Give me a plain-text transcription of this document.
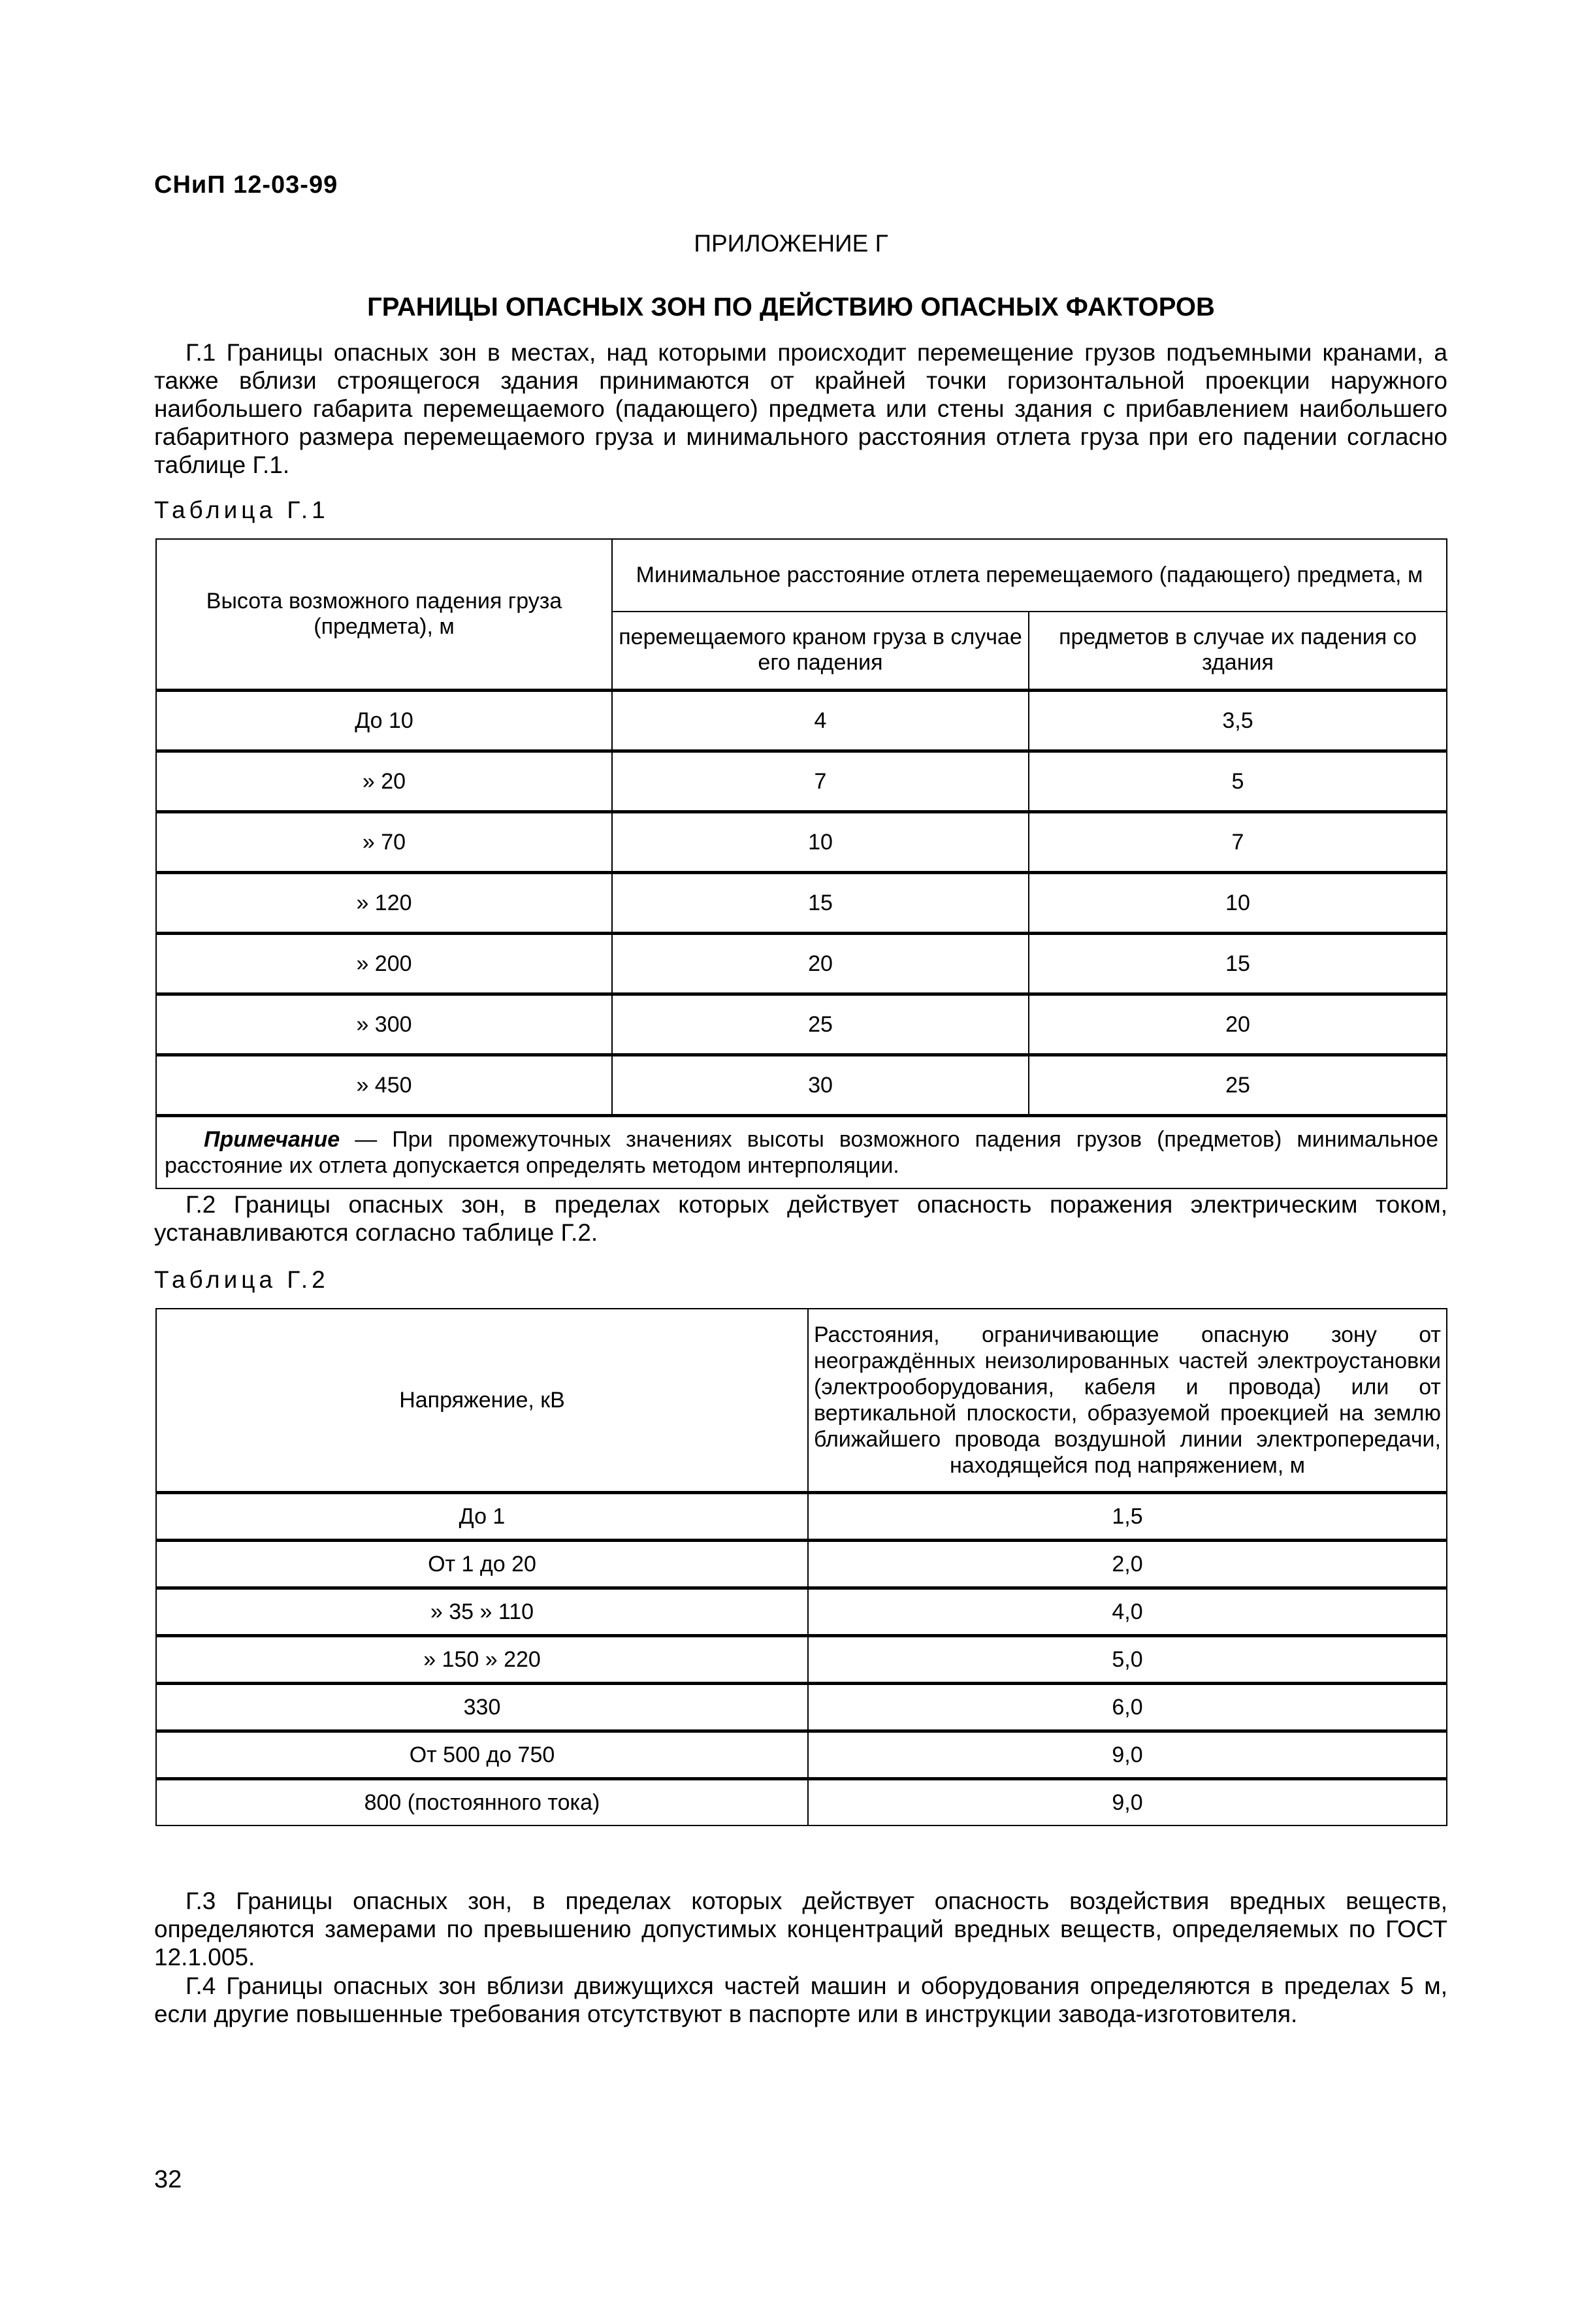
СНиП 12-03-99
ПРИЛОЖЕНИЕ Г
ГРАНИЦЫ ОПАСНЫХ ЗОН ПО ДЕЙСТВИЮ ОПАСНЫХ ФАКТОРОВ
Г.1 Границы опасных зон в местах, над которыми происходит перемещение грузов подъемными кранами, а также вблизи строящегося здания принимаются от крайней точки горизонтальной проекции наружного наибольшего габарита перемещаемого (падающего) предмета или стены здания с прибавлением наибольшего габаритного размера перемещаемого груза и минимального расстояния отлета груза при его падении согласно таблице Г.1.
Таблица Г.1
Высота возможного падения груза (предмета), м	Минимальное расстояние отлета перемещаемого (падающего) предмета, м	
	перемещаемого краном груза в случае его падения	предметов в случае их падения со здания
До 10	4	3,5
» 20	7	5
» 70	10	7
» 120	15	10
» 200	20	15
» 300	25	20
» 450	30	25
Примечание — При промежуточных значениях высоты возможного падения грузов (предметов) минимальное расстояние их отлета допускается определять методом интерполяции.		
Г.2 Границы опасных зон, в пределах которых действует опасность поражения электрическим током, устанавливаются согласно таблице Г.2.
Таблица Г.2
Напряжение, кВ	Расстояния, ограничивающие опасную зону от неограждённых неизолированных частей электроустановки (электрооборудования, кабеля и провода) или от вертикальной плоскости, образуемой проекцией на землю ближайшего провода воздушной линии электропередачи, находящейся под напряжением, м
До 1	1,5
От 1 до 20	2,0
» 35 » 110	4,0
» 150 » 220	5,0
330	6,0
От 500 до 750	9,0
800 (постоянного тока)	9,0
Г.3 Границы опасных зон, в пределах которых действует опасность воздействия вредных веществ, определяются замерами по превышению допустимых концентраций вредных веществ, определяемых по ГОСТ 12.1.005.
Г.4 Границы опасных зон вблизи движущихся частей машин и оборудования определяются в пределах 5 м, если другие повышенные требования отсутствуют в паспорте или в инструкции завода-изготовителя.
32
